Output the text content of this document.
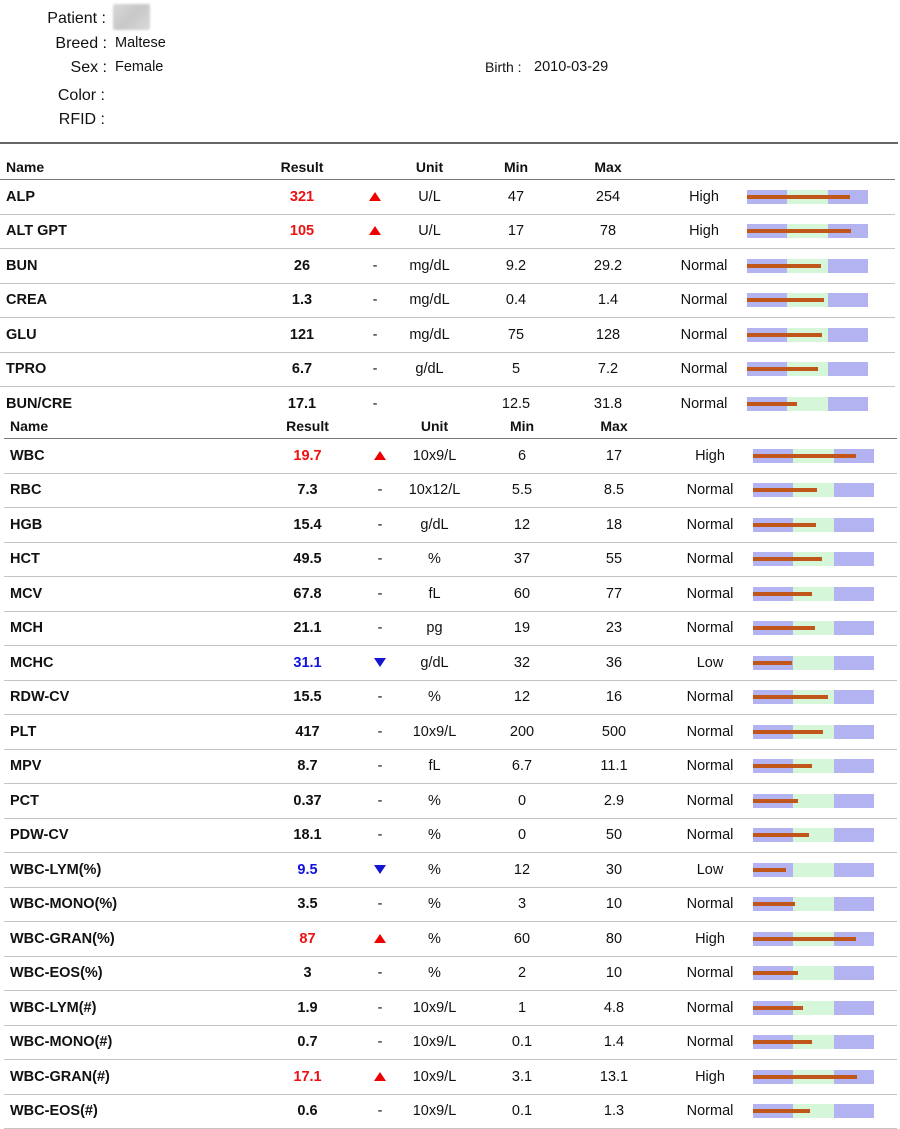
Patient :
Breed : Maltese
Sex : Female	Birth : 2010-03-29
Color :
RFID :
Name	Result		Unit	Min	Max		
ALP	321		U/L	47	254	High	

ALT GPT	105		U/L	17	78	High	

BUN	26	-	mg/dL	9.2	29.2	Normal	

CREA	1.3	-	mg/dL	0.4	1.4	Normal	

GLU	121	-	mg/dL	75	128	Normal	

TPRO	6.7	-	g/dL	5	7.2	Normal	

BUN/CRE	17.1	-		12.5	31.8	Normal	
Name	Result		Unit	Min	Max		
WBC	19.7		10x9/L	6	17	High	

RBC	7.3	-	10x12/L	5.5	8.5	Normal	

HGB	15.4	-	g/dL	12	18	Normal	

HCT	49.5	-	%	37	55	Normal	

MCV	67.8	-	fL	60	77	Normal	

MCH	21.1	-	pg	19	23	Normal	

MCHC	31.1		g/dL	32	36	Low	

RDW-CV	15.5	-	%	12	16	Normal	

PLT	417	-	10x9/L	200	500	Normal	

MPV	8.7	-	fL	6.7	11.1	Normal	

PCT	0.37	-	%	0	2.9	Normal	

PDW-CV	18.1	-	%	0	50	Normal	

WBC-LYM(%)	9.5		%	12	30	Low	

WBC-MONO(%)	3.5	-	%	3	10	Normal	

WBC-GRAN(%)	87		%	60	80	High	

WBC-EOS(%)	3	-	%	2	10	Normal	

WBC-LYM(#)	1.9	-	10x9/L	1	4.8	Normal	

WBC-MONO(#)	0.7	-	10x9/L	0.1	1.4	Normal	

WBC-GRAN(#)	17.1		10x9/L	3.1	13.1	High	

WBC-EOS(#)	0.6	-	10x9/L	0.1	1.3	Normal	
